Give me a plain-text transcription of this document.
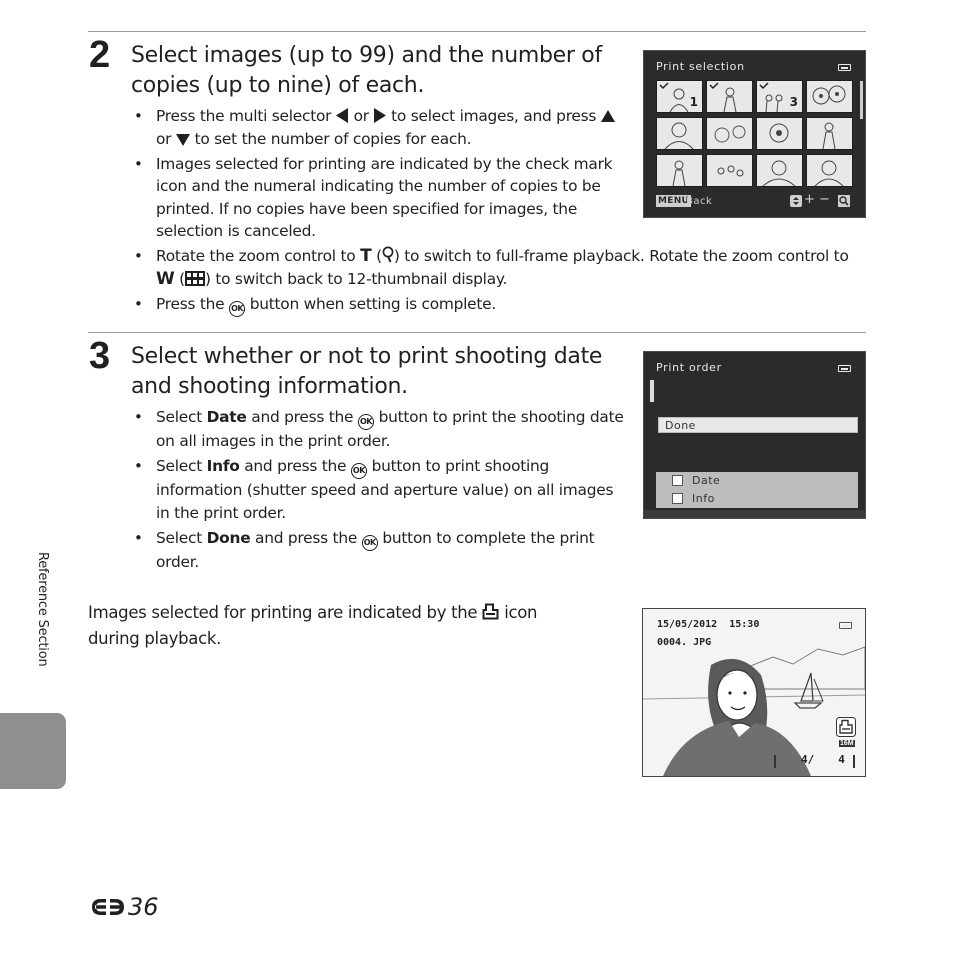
2 Select images (up to 99) and the number of copies (up to nine) of each.
• Press the multi selector or to select images, and press  or to set the number of copies for each.
• Images selected for printing are indicated by the check mark icon and the numeral indicating the number of copies to be printed. If no copies have been specified for images, the selection is canceled.
• Rotate the zoom control to T ( ) to switch to full-frame playback. Rotate the zoom control to W ( ) to switch back to 12-thumbnail display.
• Press the OK button when setting is complete.
Print selection
1	3
MENU
Back	+ −
3 Select whether or not to print shooting date and shooting information.
• Select Date and press the OK button to print the shooting date on all images in the print order.
• Select Info and press the OK button to print shooting information (shutter speed and aperture value) on all images in the print order.
• Select Done and press the OK button to complete the print order.
Print order
Done
Date
Info
Images selected for printing are indicated by the icon during playback.
15/05/2012  15:30
0004. JPG
16M
4/ 4
Reference Section
36
